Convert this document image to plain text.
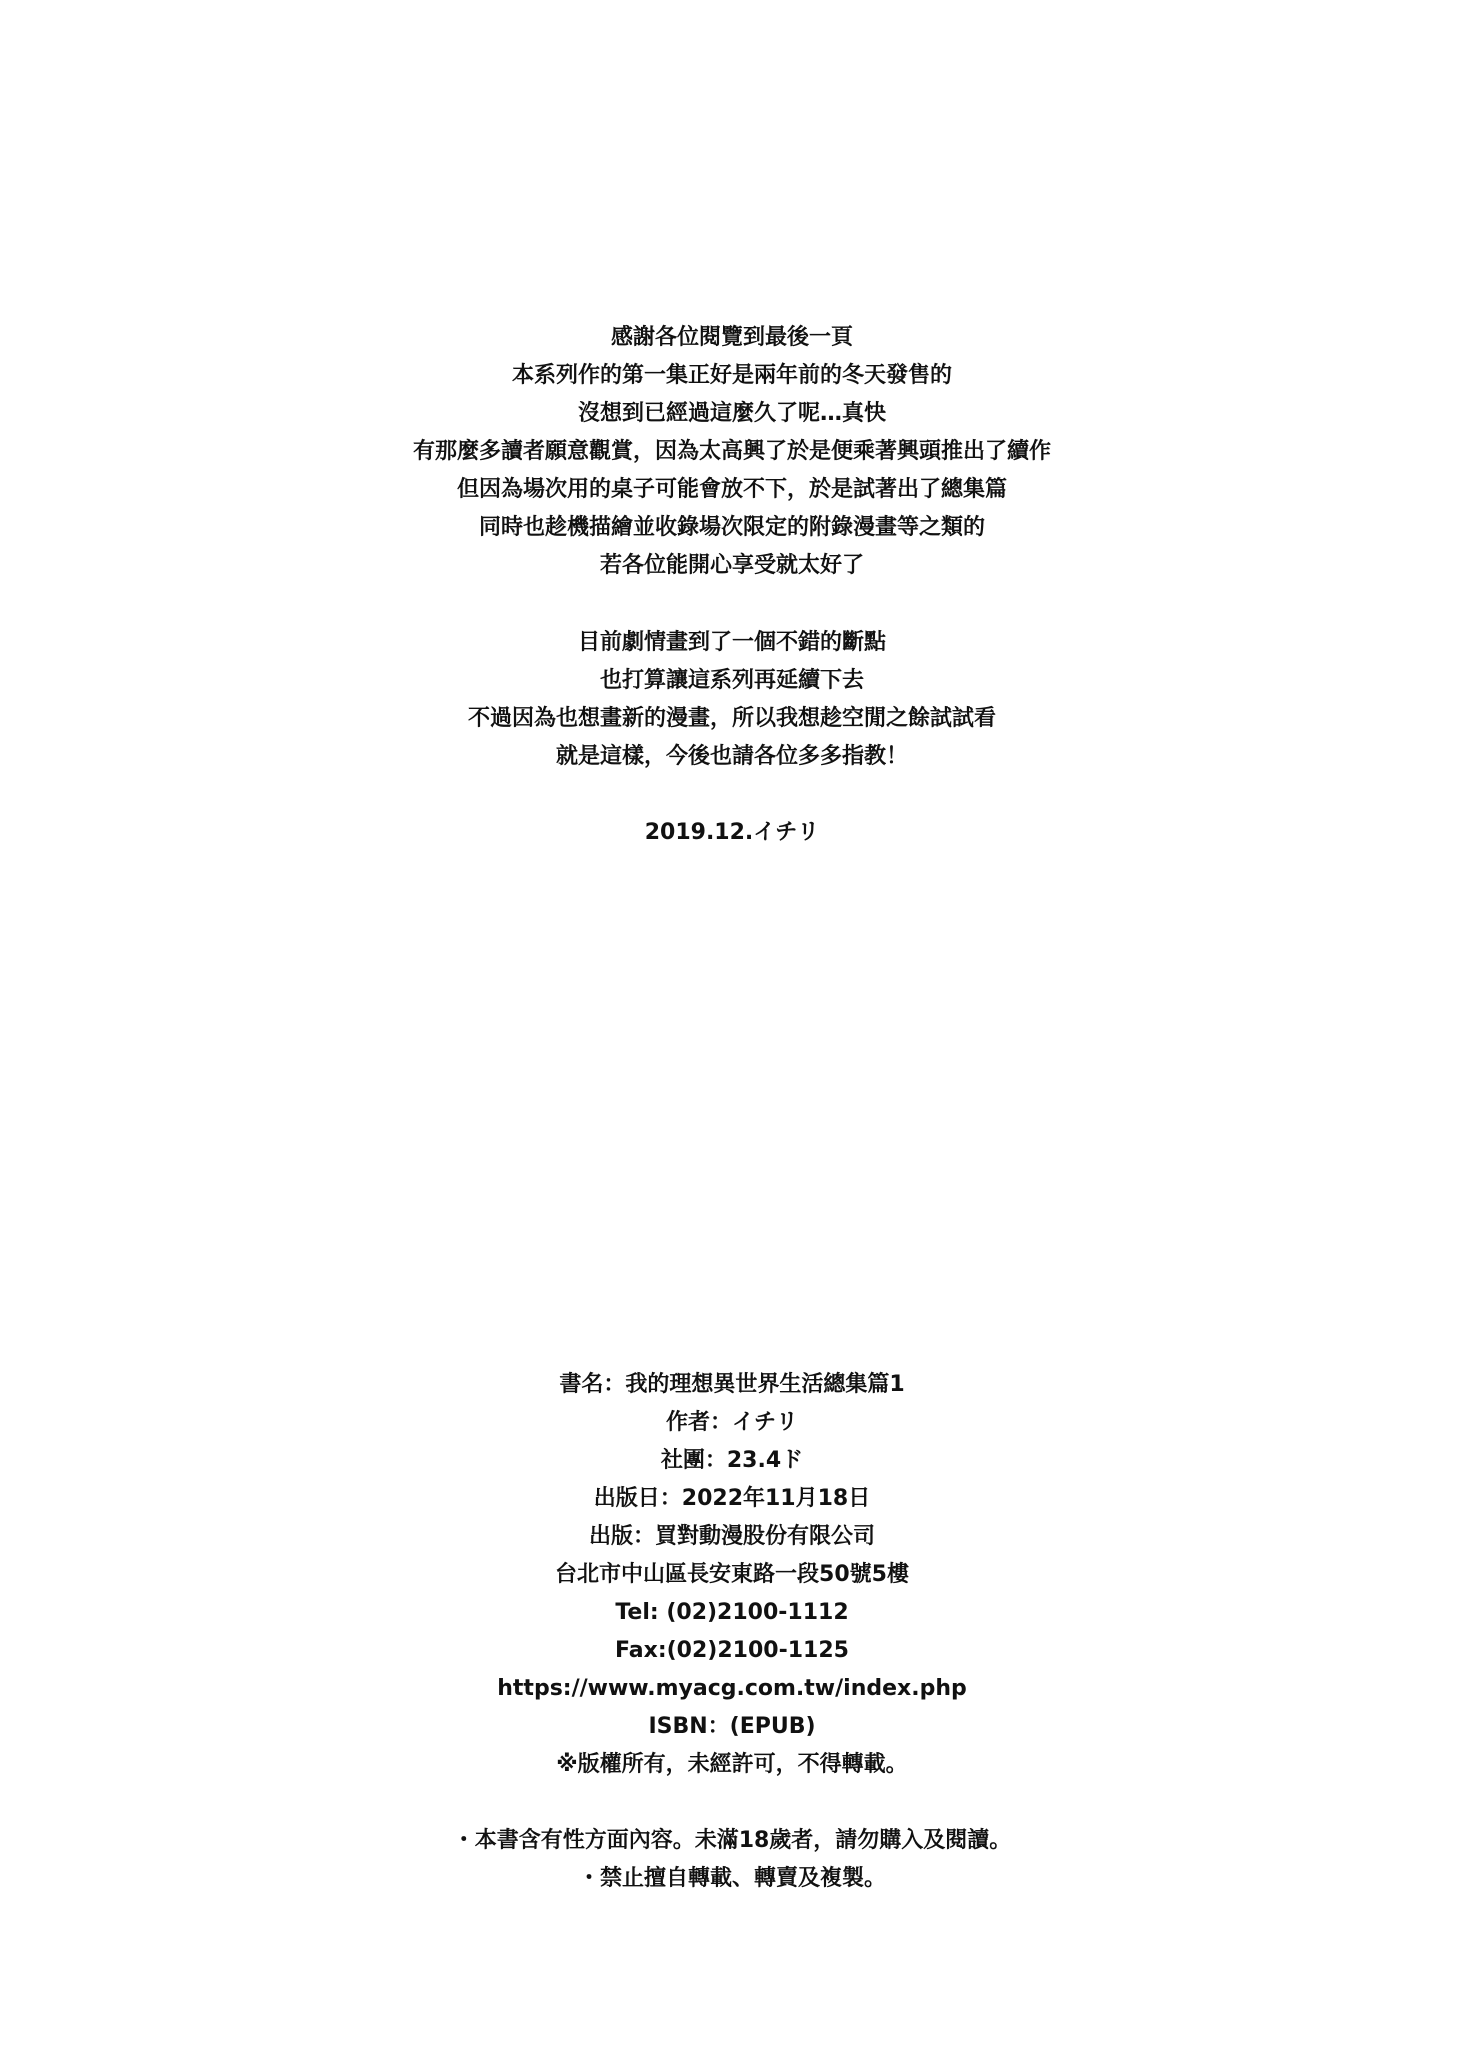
感謝各位閱覽到最後一頁
本系列作的第一集正好是兩年前的冬天發售的
沒想到已經過這麼久了呢…真快
有那麼多讀者願意觀賞，因為太高興了於是便乘著興頭推出了續作
但因為場次用的桌子可能會放不下，於是試著出了總集篇
同時也趁機描繪並收錄場次限定的附錄漫畫等之類的
若各位能開心享受就太好了
目前劇情畫到了一個不錯的斷點
也打算讓這系列再延續下去
不過因為也想畫新的漫畫，所以我想趁空閒之餘試試看
就是這樣，今後也請各位多多指教！
2019.12.イチリ
書名：我的理想異世界生活總集篇1
作者：イチリ
社團：23.4ド
出版日：2022年11月18日
出版：買對動漫股份有限公司
台北市中山區長安東路一段50號5樓
Tel: (02)2100-1112
Fax:(02)2100-1125
https://www.myacg.com.tw/index.php
ISBN：(EPUB)
※版權所有，未經許可，不得轉載。
・本書含有性方面內容。未滿18歲者，請勿購入及閱讀。
・禁止擅自轉載、轉賣及複製。
